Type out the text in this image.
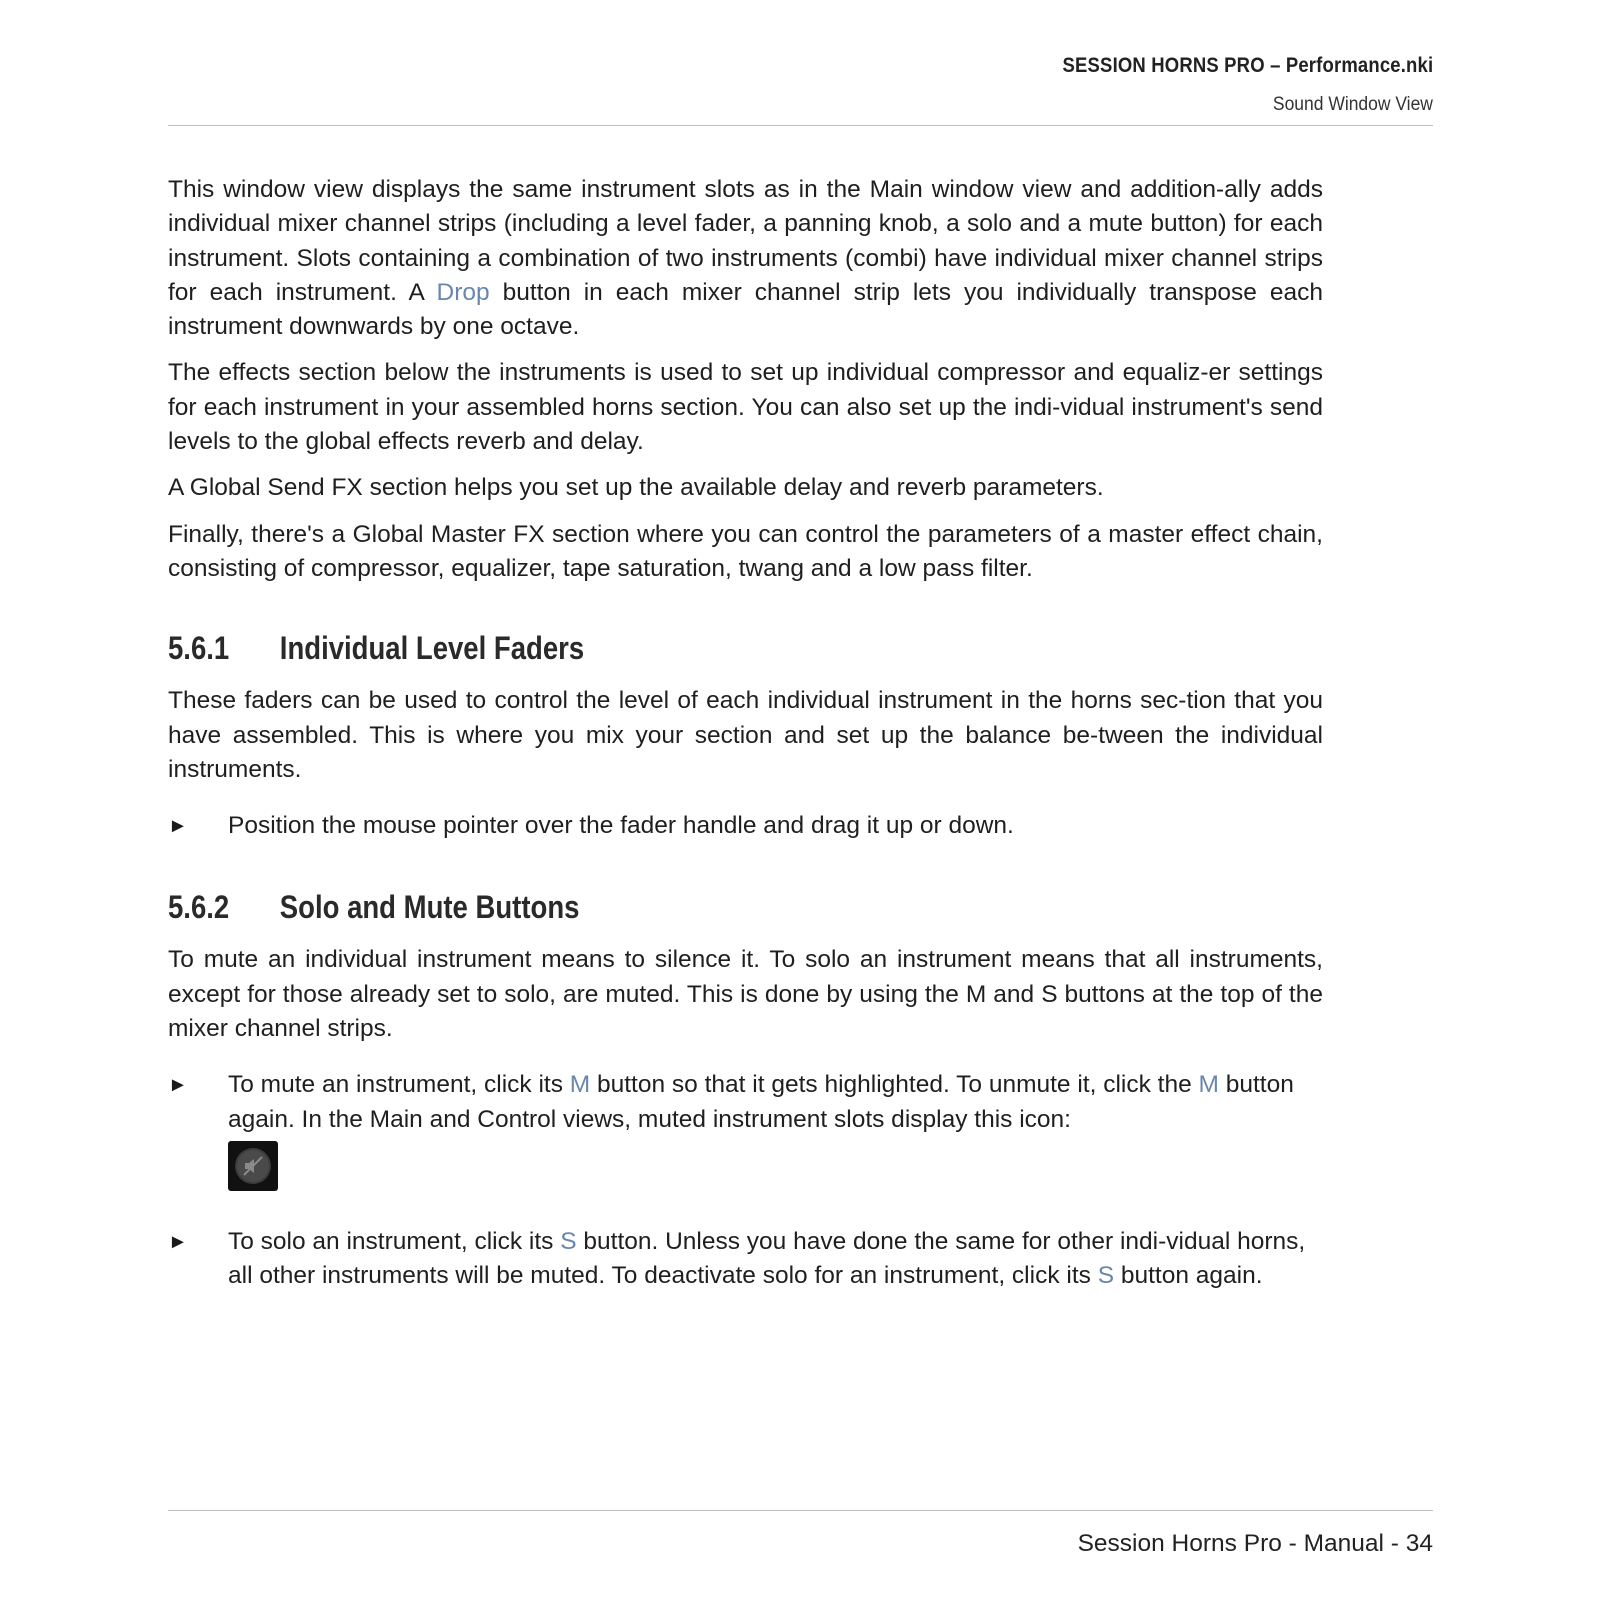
SESSION HORNS PRO – Performance.nki
Sound Window View

This window view displays the same instrument slots as in the Main window view and addition-ally adds individual mixer channel strips (including a level fader, a panning knob, a solo and a mute button) for each instrument. Slots containing a combination of two instruments (combi) have individual mixer channel strips for each instrument. A Drop button in each mixer channel strip lets you individually transpose each instrument downwards by one octave.

The effects section below the instruments is used to set up individual compressor and equaliz-er settings for each instrument in your assembled horns section. You can also set up the indi-vidual instrument's send levels to the global effects reverb and delay.

A Global Send FX section helps you set up the available delay and reverb parameters.

Finally, there's a Global Master FX section where you can control the parameters of a master effect chain, consisting of compressor, equalizer, tape saturation, twang and a low pass filter.

5.6.1	Individual Level Faders

These faders can be used to control the level of each individual instrument in the horns sec-tion that you have assembled. This is where you mix your section and set up the balance be-tween the individual instruments.

►	Position the mouse pointer over the fader handle and drag it up or down.
5.6.2	Solo and Mute Buttons

To mute an individual instrument means to silence it. To solo an instrument means that all instruments, except for those already set to solo, are muted. This is done by using the M and S buttons at the top of the mixer channel strips.

►	To mute an instrument, click its M button so that it gets highlighted. To unmute it, click the M button again. In the Main and Control views, muted instrument slots display this icon:
►	To solo an instrument, click its S button. Unless you have done the same for other indi-vidual horns, all other instruments will be muted. To deactivate solo for an instrument, click its S button again.
Session Horns Pro - Manual - 34
